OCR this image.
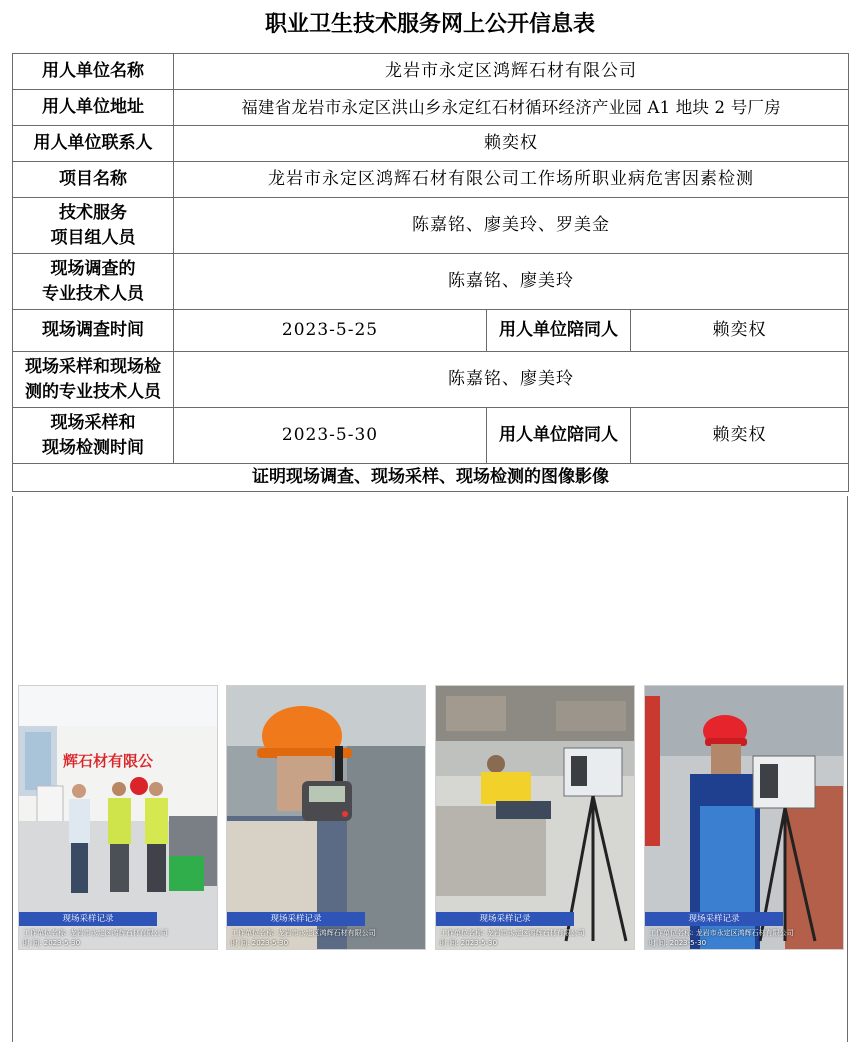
职业卫生技术服务网上公开信息表
用人单位名称	龙岩市永定区鸿辉石材有限公司		
用人单位地址	福建省龙岩市永定区洪山乡永定红石材循环经济产业园 A1 地块 2 号厂房		
用人单位联系人	赖奕权		
项目名称	龙岩市永定区鸿辉石材有限公司工作场所职业病危害因素检测		

技术服务
项目组人员	陈嘉铭、廖美玲、罗美金		

现场调查的
专业技术人员	陈嘉铭、廖美玲		
现场调查时间	2023-5-25	用人单位陪同人	赖奕权

现场采样和现场检
测的专业技术人员	陈嘉铭、廖美玲		

现场采样和
现场检测时间	2023-5-30	用人单位陪同人	赖奕权
证明现场调查、现场采样、现场检测的图像影像			
辉石材有限公
现场采样记录
工作单位名称: 龙岩市永定区鸿辉石材有限公司
时 间: 2023-5-30
现场采样记录
工作单位名称: 龙岩市永定区鸿辉石材有限公司
时 间: 2023-5-30
现场采样记录
工作单位名称: 龙岩市永定区鸿辉石材有限公司
时 间: 2023-5-30
现场采样记录
工作单位名称: 龙岩市永定区鸿辉石材有限公司
时 间: 2023-5-30
